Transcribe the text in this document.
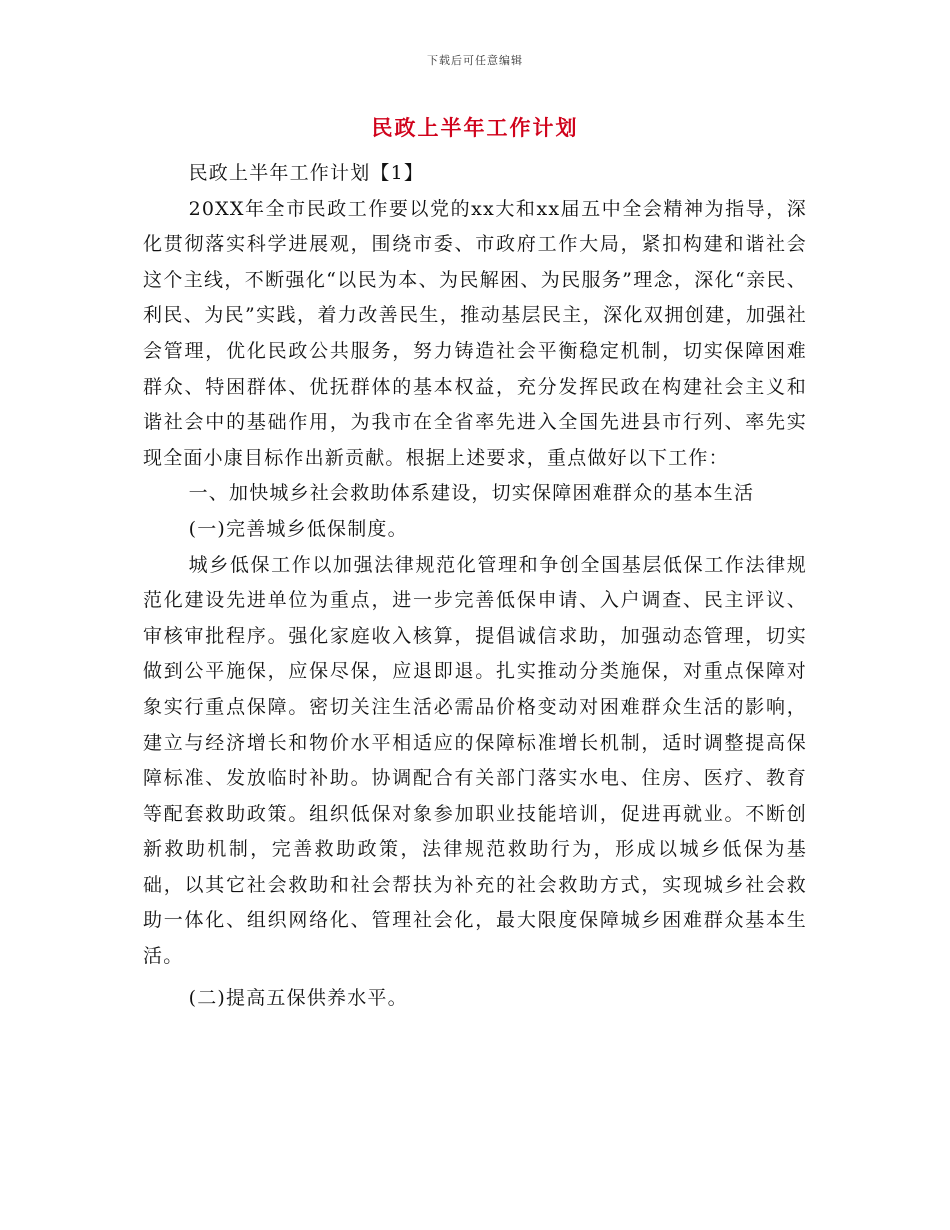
下载后可任意编辑
民政上半年工作计划

民政上半年工作计划【1】

20XX年全市民政工作要以党的xx大和xx届五中全会精神为指导，深化贯彻落实科学进展观，围绕市委、市政府工作大局，紧扣构建和谐社会这个主线，不断强化“以民为本、为民解困、为民服务”理念，深化“亲民、利民、为民”实践，着力改善民生，推动基层民主，深化双拥创建，加强社会管理，优化民政公共服务，努力铸造社会平衡稳定机制，切实保障困难群众、特困群体、优抚群体的基本权益，充分发挥民政在构建社会主义和谐社会中的基础作用，为我市在全省率先进入全国先进县市行列、率先实现全面小康目标作出新贡献。根据上述要求，重点做好以下工作：

一、加快城乡社会救助体系建设，切实保障困难群众的基本生活

(一)完善城乡低保制度。

城乡低保工作以加强法律规范化管理和争创全国基层低保工作法律规范化建设先进单位为重点，进一步完善低保申请、入户调查、民主评议、审核审批程序。强化家庭收入核算，提倡诚信求助，加强动态管理，切实做到公平施保，应保尽保，应退即退。扎实推动分类施保，对重点保障对象实行重点保障。密切关注生活必需品价格变动对困难群众生活的影响，建立与经济增长和物价水平相适应的保障标准增长机制，适时调整提高保障标准、发放临时补助。协调配合有关部门落实水电、住房、医疗、教育等配套救助政策。组织低保对象参加职业技能培训，促进再就业。不断创新救助机制，完善救助政策，法律规范救助行为，形成以城乡低保为基础，以其它社会救助和社会帮扶为补充的社会救助方式，实现城乡社会救助一体化、组织网络化、管理社会化，最大限度保障城乡困难群众基本生活。

(二)提高五保供养水平。
